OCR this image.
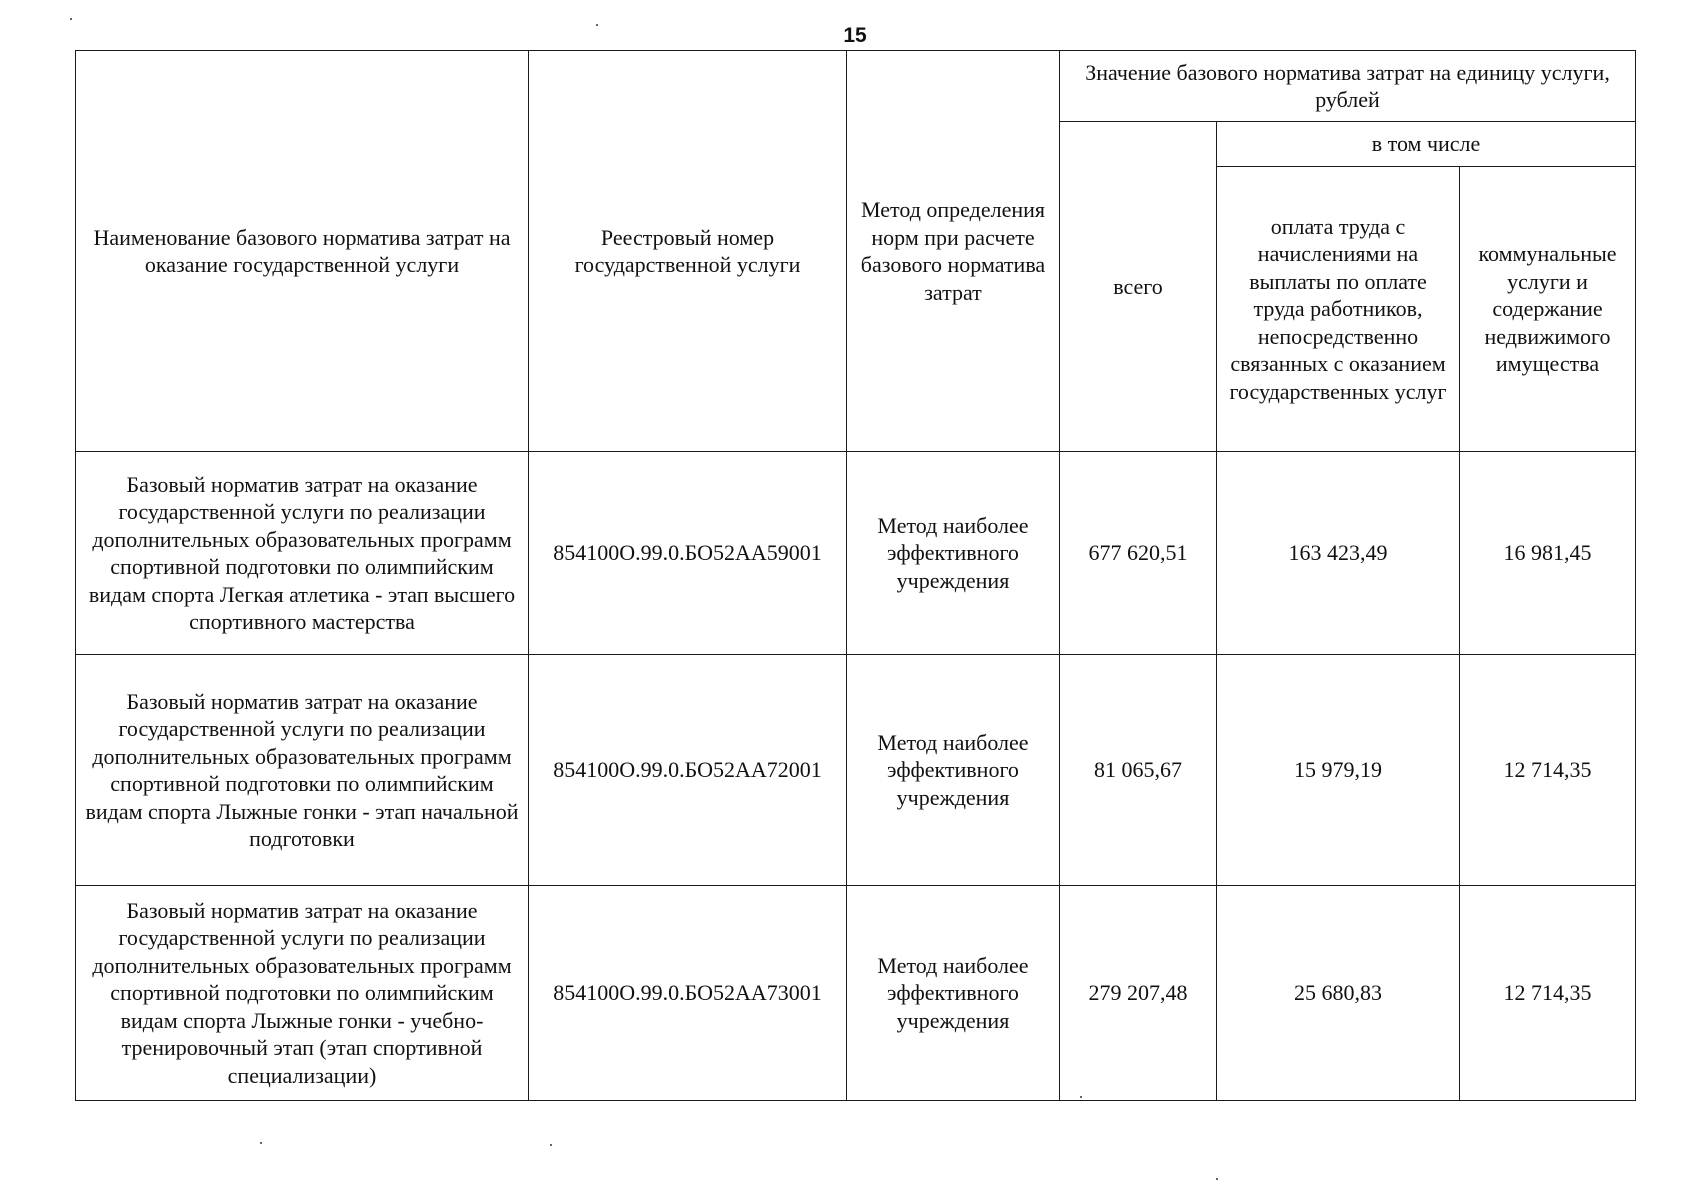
15
Наименование базового норматива затрат на оказание государственной услуги	Реестровый номер государственной услуги	Метод определения норм при расчете базового норматива затрат	Значение базового норматива затрат на единицу услуги, рублей		
			всего	в том числе	
				оплата труда с начислениями на выплаты по оплате труда работников, непосредственно связанных с оказанием государственных услуг	коммунальные услуги и содержание недвижимого имущества
Базовый норматив затрат на оказание государственной услуги по реализации дополнительных образовательных программ спортивной подготовки по олимпийским видам спорта Легкая атлетика - этап высшего спортивного мастерства	854100О.99.0.БО52АА59001	Метод наиболее эффективного учреждения	677 620,51	163 423,49	16 981,45
Базовый норматив затрат на оказание государственной услуги по реализации дополнительных образовательных программ спортивной подготовки по олимпийским видам спорта Лыжные гонки - этап начальной подготовки	854100О.99.0.БО52АА72001	Метод наиболее эффективного учреждения	81 065,67	15 979,19	12 714,35
Базовый норматив затрат на оказание государственной услуги по реализации дополнительных образовательных программ спортивной подготовки по олимпийским видам спорта Лыжные гонки - учебно-тренировочный этап (этап спортивной специализации)	854100О.99.0.БО52АА73001	Метод наиболее эффективного учреждения	279 207,48	25 680,83	12 714,35
